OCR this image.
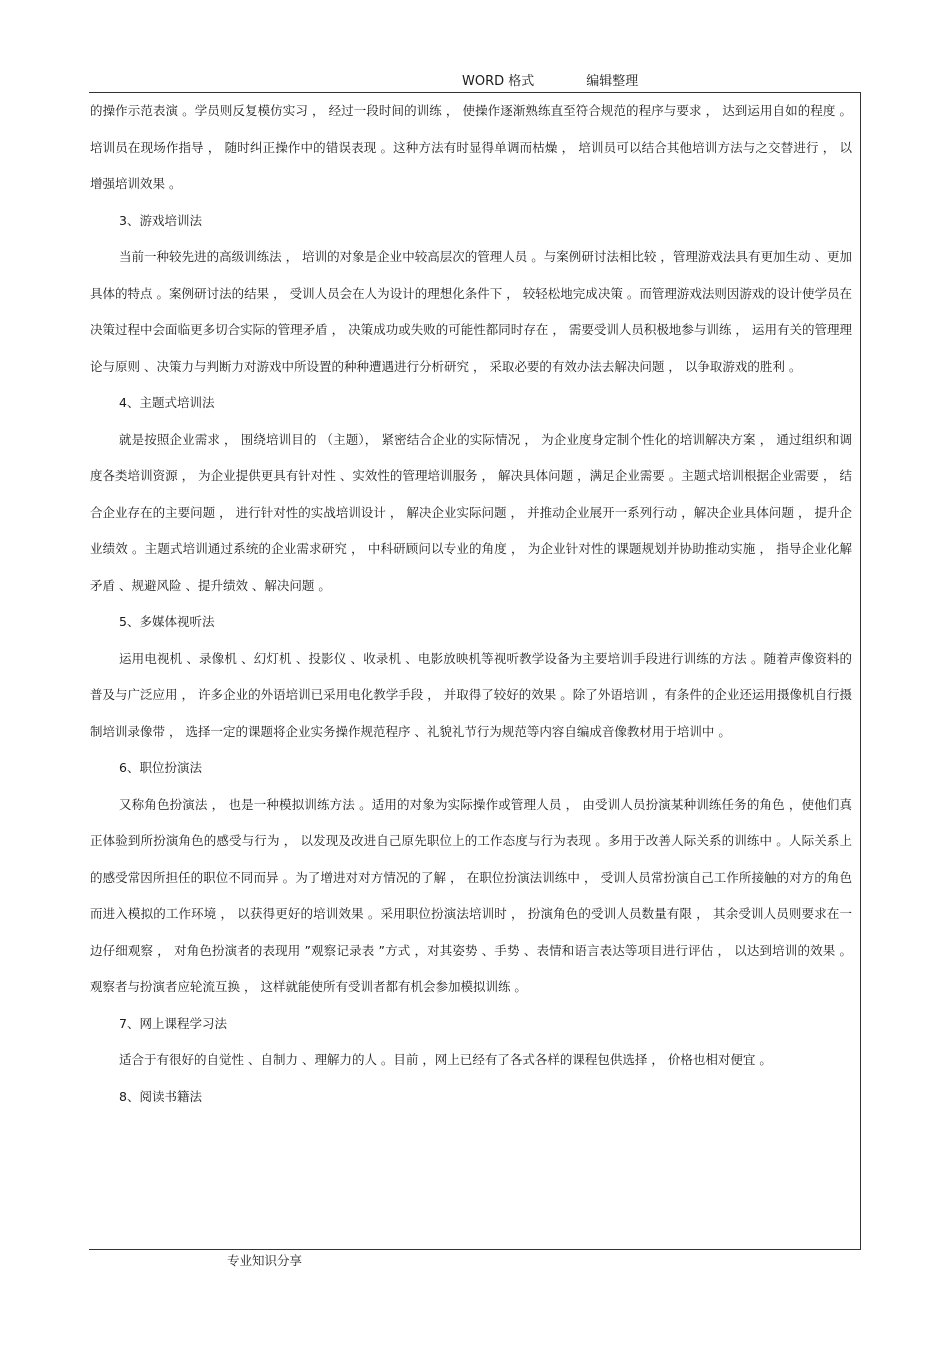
WORD 格式	编辑整理

的操作示范表演 。学员则反复模仿实习 ， 经过一段时间的训练 ， 使操作逐渐熟练直至符合规范的程序与要求 ， 达到运用自如的程度 。培训员在现场作指导 ， 随时纠正操作中的错误表现 。这种方法有时显得单调而枯燥 ， 培训员可以结合其他培训方法与之交替进行 ， 以增强培训效果 。

3、游戏培训法

当前一种较先进的高级训练法 ， 培训的对象是企业中较高层次的管理人员 。与案例研讨法相比较 ，管理游戏法具有更加生动 、更加具体的特点 。案例研讨法的结果 ， 受训人员会在人为设计的理想化条件下 ， 较轻松地完成决策 。而管理游戏法则因游戏的设计使学员在决策过程中会面临更多切合实际的管理矛盾 ， 决策成功或失败的可能性都同时存在 ， 需要受训人员积极地参与训练 ， 运用有关的管理理论与原则 、决策力与判断力对游戏中所设置的种种遭遇进行分析研究 ， 采取必要的有效办法去解决问题 ， 以争取游戏的胜利 。

4、主题式培训法

就是按照企业需求 ， 围绕培训目的 （主题）， 紧密结合企业的实际情况 ， 为企业度身定制个性化的培训解决方案 ， 通过组织和调度各类培训资源 ， 为企业提供更具有针对性 、实效性的管理培训服务 ， 解决具体问题 ，满足企业需要 。主题式培训根据企业需要 ， 结合企业存在的主要问题 ， 进行针对性的实战培训设计 ， 解决企业实际问题 ， 并推动企业展开一系列行动 ，解决企业具体问题 ， 提升企业绩效 。主题式培训通过系统的企业需求研究 ， 中科研顾问以专业的角度 ， 为企业针对性的课题规划并协助推动实施 ， 指导企业化解矛盾 、规避风险 、提升绩效 、解决问题 。

5、多媒体视听法

运用电视机 、录像机 、幻灯机 、投影仪 、收录机 、电影放映机等视听教学设备为主要培训手段进行训练的方法 。随着声像资料的普及与广泛应用 ， 许多企业的外语培训已采用电化教学手段 ， 并取得了较好的效果 。除了外语培训 ，有条件的企业还运用摄像机自行摄制培训录像带 ， 选择一定的课题将企业实务操作规范程序 、礼貌礼节行为规范等内容自编成音像教材用于培训中 。

6、职位扮演法

又称角色扮演法 ， 也是一种模拟训练方法 。适用的对象为实际操作或管理人员 ， 由受训人员扮演某种训练任务的角色 ，使他们真正体验到所扮演角色的感受与行为 ， 以发现及改进自己原先职位上的工作态度与行为表现 。多用于改善人际关系的训练中 。人际关系上的感受常因所担任的职位不同而异 。为了增进对对方情况的了解 ， 在职位扮演法训练中 ， 受训人员常扮演自己工作所接触的对方的角色而进入模拟的工作环境 ， 以获得更好的培训效果 。采用职位扮演法培训时 ， 扮演角色的受训人员数量有限 ， 其余受训人员则要求在一边仔细观察 ， 对角色扮演者的表现用 ”观察记录表 ”方式 ，对其姿势 、手势 、表情和语言表达等项目进行评估 ， 以达到培训的效果 。观察者与扮演者应轮流互换 ， 这样就能使所有受训者都有机会参加模拟训练 。

7、网上课程学习法

适合于有很好的自觉性 、自制力 、理解力的人 。目前 ，网上已经有了各式各样的课程包供选择 ， 价格也相对便宜 。

8、阅读书籍法

专业知识分享
